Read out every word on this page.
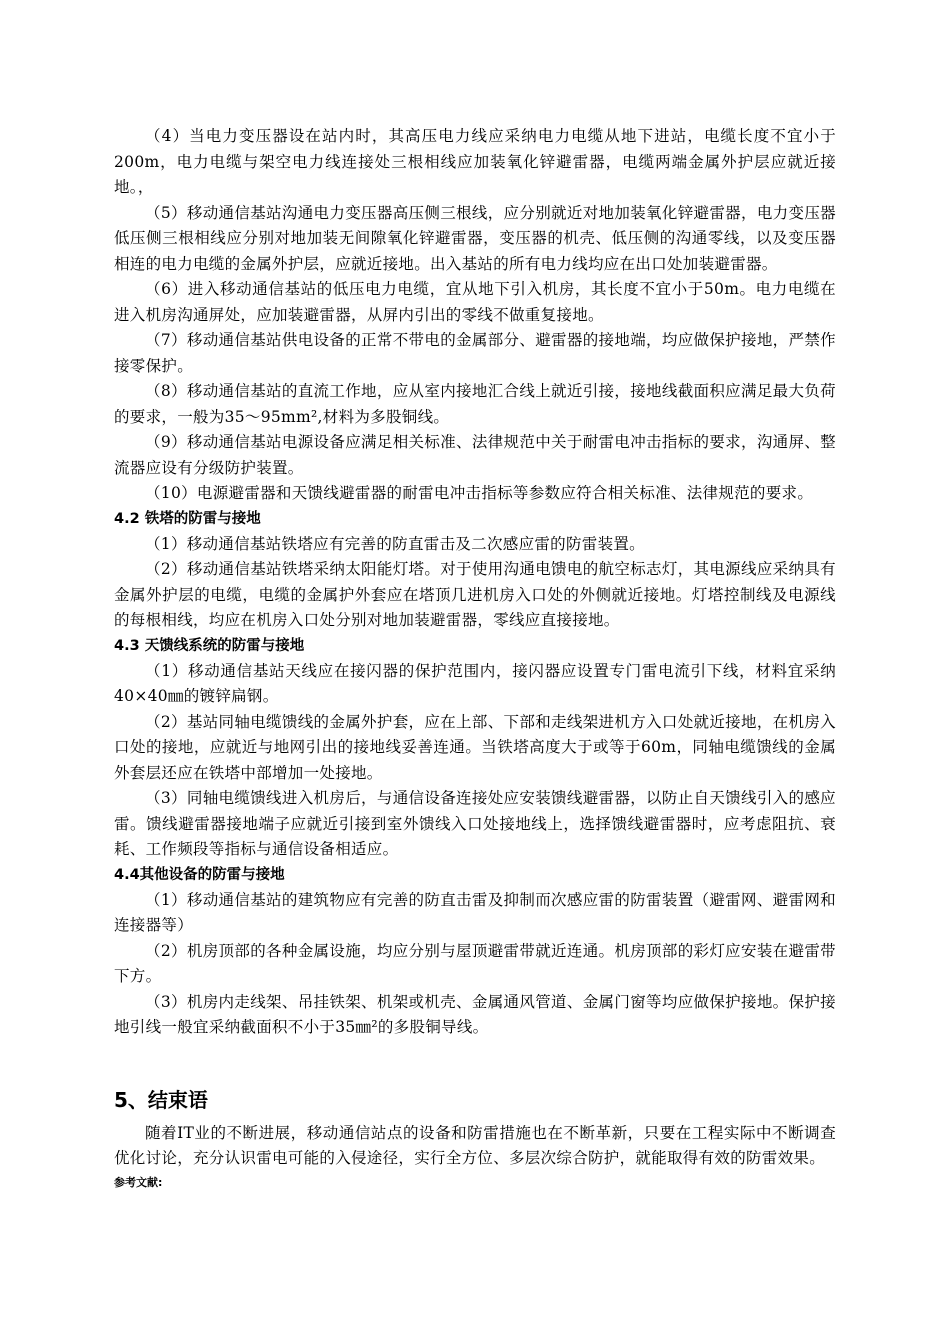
（4）当电力变压器设在站内时，其高压电力线应采纳电力电缆从地下进站，电缆长度不宜小于200m，电力电缆与架空电力线连接处三根相线应加装氧化锌避雷器，电缆两端金属外护层应就近接地。，

（5）移动通信基站沟通电力变压器高压侧三根线，应分别就近对地加装氧化锌避雷器，电力变压器低压侧三根相线应分别对地加装无间隙氧化锌避雷器，变压器的机壳、低压侧的沟通零线，以及变压器相连的电力电缆的金属外护层，应就近接地。出入基站的所有电力线均应在出口处加装避雷器。

（6）进入移动通信基站的低压电力电缆，宜从地下引入机房，其长度不宜小于50m。电力电缆在进入机房沟通屏处，应加装避雷器，从屏内引出的零线不做重复接地。

（7）移动通信基站供电设备的正常不带电的金属部分、避雷器的接地端，均应做保护接地，严禁作接零保护。

（8）移动通信基站的直流工作地，应从室内接地汇合线上就近引接，接地线截面积应满足最大负荷的要求，一般为35～95mm²,材料为多股铜线。

（9）移动通信基站电源设备应满足相关标准、法律规范中关于耐雷电冲击指标的要求，沟通屏、整流器应设有分级防护装置。

（10）电源避雷器和天馈线避雷器的耐雷电冲击指标等参数应符合相关标准、法律规范的要求。

4.2 铁塔的防雷与接地

（1）移动通信基站铁塔应有完善的防直雷击及二次感应雷的防雷装置。

（2）移动通信基站铁塔采纳太阳能灯塔。对于使用沟通电馈电的航空标志灯，其电源线应采纳具有金属外护层的电缆，电缆的金属护外套应在塔顶几进机房入口处的外侧就近接地。灯塔控制线及电源线的每根相线，均应在机房入口处分别对地加装避雷器，零线应直接接地。

4.3 天馈线系统的防雷与接地

（1）移动通信基站天线应在接闪器的保护范围内，接闪器应设置专门雷电流引下线，材料宜采纳40×40㎜的镀锌扁钢。

（2）基站同轴电缆馈线的金属外护套，应在上部、下部和走线架进机方入口处就近接地，在机房入口处的接地，应就近与地网引出的接地线妥善连通。当铁塔高度大于或等于60m，同轴电缆馈线的金属外套层还应在铁塔中部增加一处接地。

（3）同轴电缆馈线进入机房后，与通信设备连接处应安装馈线避雷器，以防止自天馈线引入的感应雷。馈线避雷器接地端子应就近引接到室外馈线入口处接地线上，选择馈线避雷器时，应考虑阻抗、衰耗、工作频段等指标与通信设备相适应。

4.4其他设备的防雷与接地

（1）移动通信基站的建筑物应有完善的防直击雷及抑制而次感应雷的防雷装置（避雷网、避雷网和连接器等）

（2）机房顶部的各种金属设施，均应分别与屋顶避雷带就近连通。机房顶部的彩灯应安装在避雷带下方。

（3）机房内走线架、吊挂铁架、机架或机壳、金属通风管道、金属门窗等均应做保护接地。保护接地引线一般宜采纳截面积不小于35㎜²的多股铜导线。

5、结束语

随着IT业的不断进展，移动通信站点的设备和防雷措施也在不断革新，只要在工程实际中不断调查优化讨论，充分认识雷电可能的入侵途径，实行全方位、多层次综合防护，就能取得有效的防雷效果。

参考文献:
